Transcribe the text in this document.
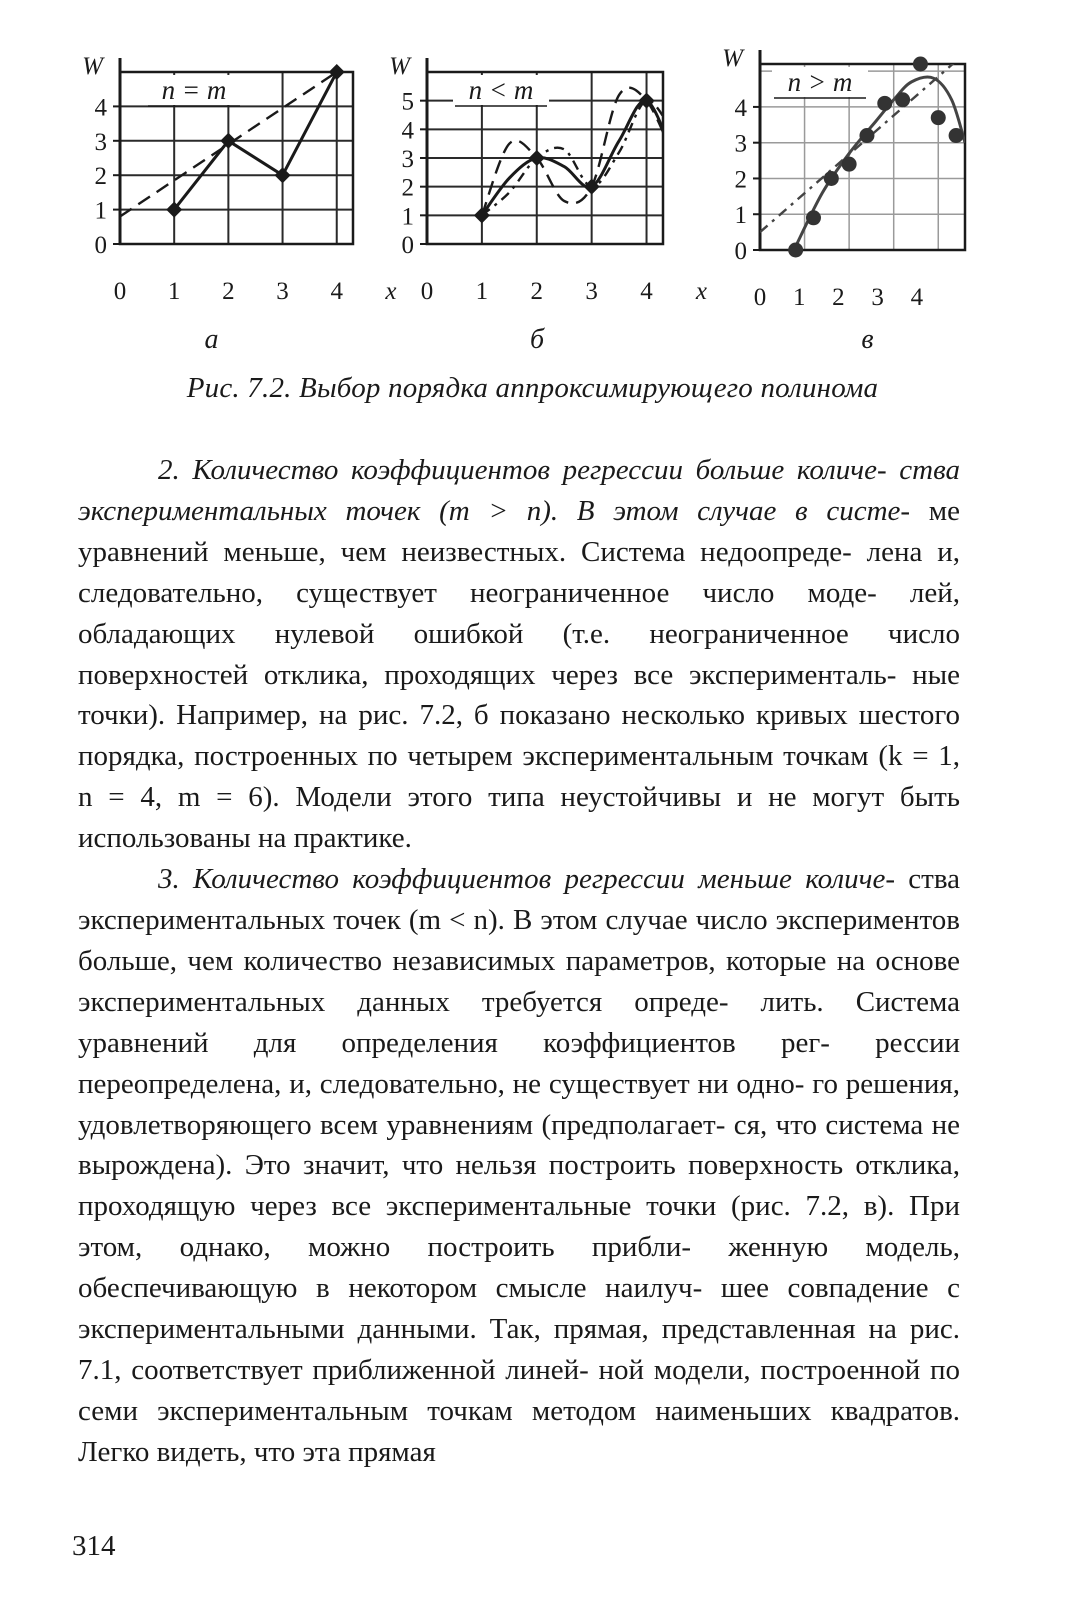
0
1
2
3
4
W
0 1 2 3 4 x
n = m
а
0
1
2
3
4
5
W
0 1 2 3 4 x
n < m
б
0
1
2
3
4
W
0 1 2 3 4
n > m
в
Рис. 7.2. Выбор порядка аппроксимирующего полинома

2. Количество коэффициентов регрессии больше количе- ства экспериментальных точек (m > n). В этом случае в систе- ме уравнений меньше, чем неизвестных. Система недоопреде- лена и, следовательно, существует неограниченное число моде- лей, обладающих нулевой ошибкой (т.е. неограниченное число поверхностей отклика, проходящих через все эксперименталь- ные точки). Например, на рис. 7.2, б показано несколько кривых шестого порядка, построенных по четырем экспериментальным точкам (k = 1, n = 4, m = 6). Модели этого типа неустойчивы и не могут быть использованы на практике.

3. Количество коэффициентов регрессии меньше количе- ства экспериментальных точек (m < n). В этом случае число экспериментов больше, чем количество независимых параметров, которые на основе экспериментальных данных требуется опреде- лить. Система уравнений для определения коэффициентов рег- рессии переопределена, и, следовательно, не существует ни одно- го решения, удовлетворяющего всем уравнениям (предполагает- ся, что система не вырождена). Это значит, что нельзя построить поверхность отклика, проходящую через все экспериментальные точки (рис. 7.2, в). При этом, однако, можно построить прибли- женную модель, обеспечивающую в некотором смысле наилуч- шее совпадение с экспериментальными данными. Так, прямая, представленная на рис. 7.1, соответствует приближенной линей- ной модели, построенной по семи экспериментальным точкам методом наименьших квадратов. Легко видеть, что эта прямая

314
